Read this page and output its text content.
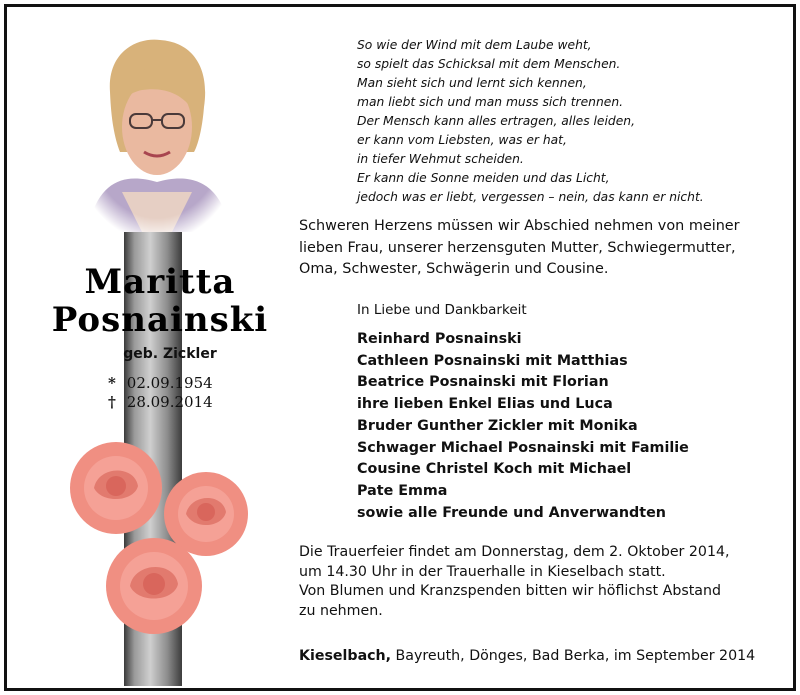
Maritta
Posnainski
geb. Zickler
* 02.09.1954
† 28.09.2014
So wie der Wind mit dem Laube weht,
so spielt das Schicksal mit dem Menschen.
Man sieht sich und lernt sich kennen,
man liebt sich und man muss sich trennen.
Der Mensch kann alles ertragen, alles leiden,
er kann vom Liebsten, was er hat,
in tiefer Wehmut scheiden.
Er kann die Sonne meiden und das Licht,
jedoch was er liebt, vergessen – nein, das kann er nicht.
Schweren Herzens müssen wir Abschied nehmen von meiner
lieben Frau, unserer herzensguten Mutter, Schwiegermutter,
Oma, Schwester, Schwägerin und Cousine.
In Liebe und Dankbarkeit
Reinhard Posnainski
Cathleen Posnainski mit Matthias
Beatrice Posnainski mit Florian
ihre lieben Enkel Elias und Luca
Bruder Gunther Zickler mit Monika
Schwager Michael Posnainski mit Familie
Cousine Christel Koch mit Michael
Pate Emma
sowie alle Freunde und Anverwandten
Die Trauerfeier findet am Donnerstag, dem 2. Oktober 2014,
um 14.30 Uhr in der Trauerhalle in Kieselbach statt.
Von Blumen und Kranzspenden bitten wir höflichst Abstand
zu nehmen.
Kieselbach, Bayreuth, Dönges, Bad Berka, im September 2014
